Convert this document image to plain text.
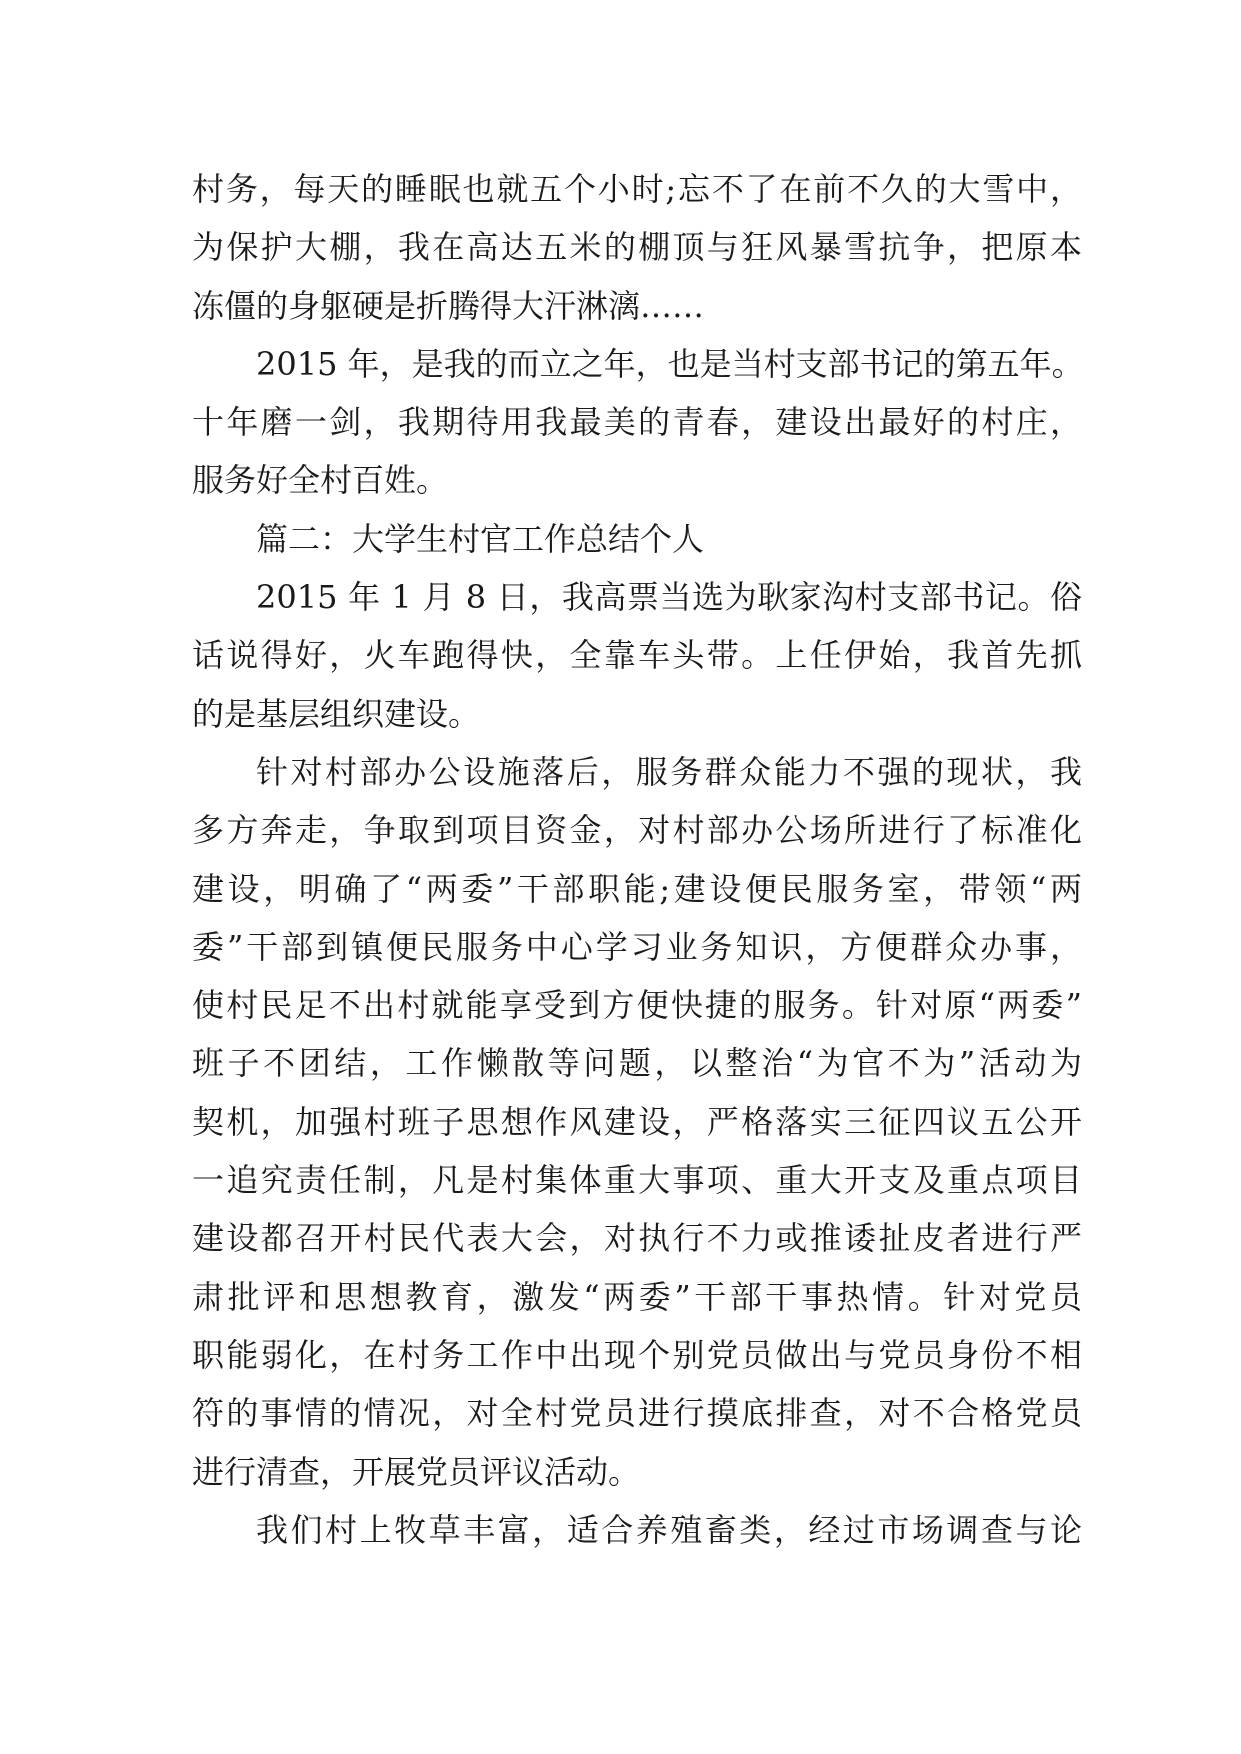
村务，每天的睡眠也就五个小时;忘不了在前不久的大雪中，
为保护大棚，我在高达五米的棚顶与狂风暴雪抗争，把原本
冻僵的身躯硬是折腾得大汗淋漓……
2015 年，是我的而立之年，也是当村支部书记的第五年。
十年磨一剑，我期待用我最美的青春，建设出最好的村庄，
服务好全村百姓。
篇二：大学生村官工作总结个人
2015 年 1 月 8 日，我高票当选为耿家沟村支部书记。俗
话说得好，火车跑得快，全靠车头带。上任伊始，我首先抓
的是基层组织建设。
针对村部办公设施落后，服务群众能力不强的现状，我
多方奔走，争取到项目资金，对村部办公场所进行了标准化
建设，明确了“两委”干部职能;建设便民服务室，带领“两
委”干部到镇便民服务中心学习业务知识，方便群众办事，
使村民足不出村就能享受到方便快捷的服务。针对原“两委”
班子不团结，工作懒散等问题，以整治“为官不为”活动为
契机，加强村班子思想作风建设，严格落实三征四议五公开
一追究责任制，凡是村集体重大事项、重大开支及重点项目
建设都召开村民代表大会，对执行不力或推诿扯皮者进行严
肃批评和思想教育，激发“两委”干部干事热情。针对党员
职能弱化，在村务工作中出现个别党员做出与党员身份不相
符的事情的情况，对全村党员进行摸底排查，对不合格党员
进行清查，开展党员评议活动。
我们村上牧草丰富，适合养殖畜类，经过市场调查与论
